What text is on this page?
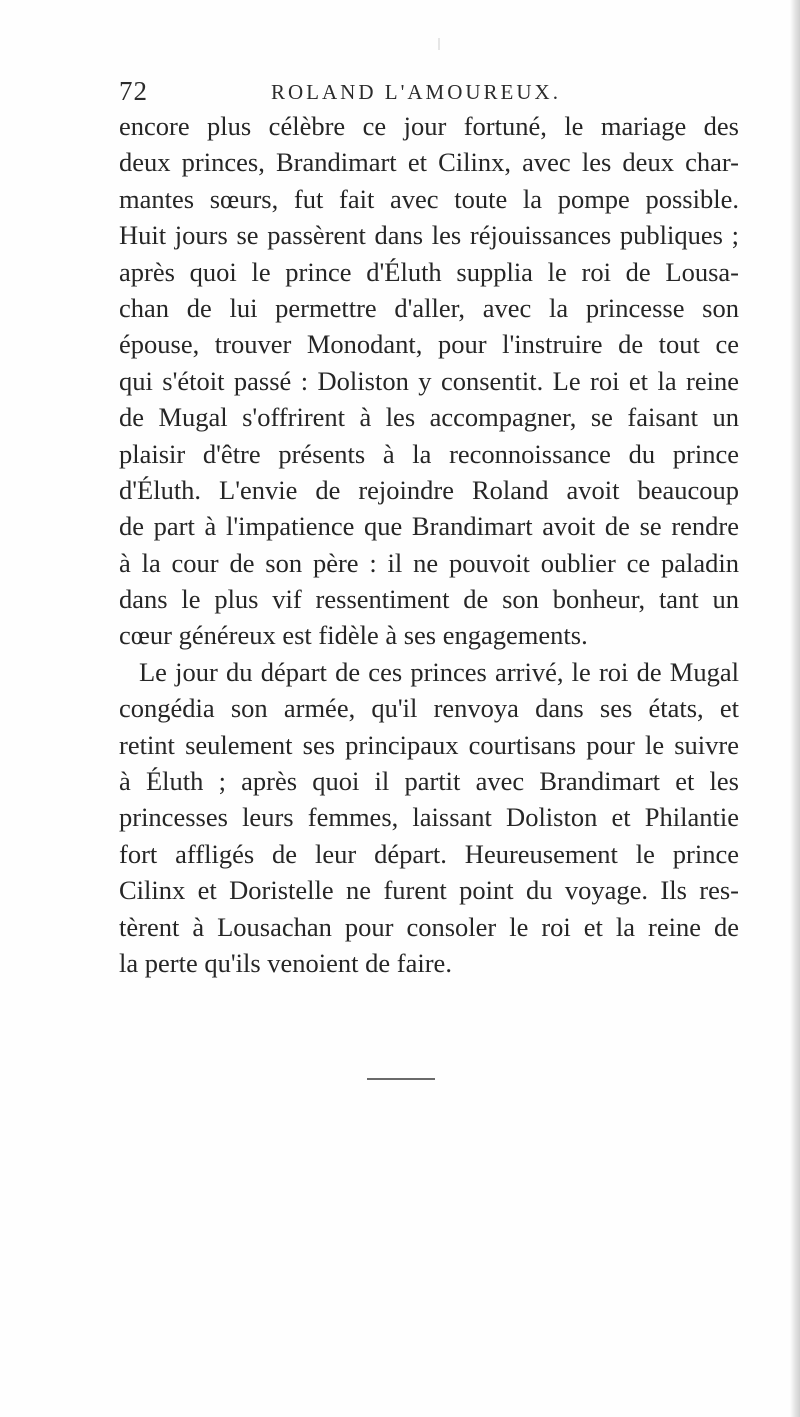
72	ROLAND L'AMOUREUX.
encore plus célèbre ce jour fortuné, le mariage des
deux princes, Brandimart et Cilinx, avec les deux char-
mantes sœurs, fut fait avec toute la pompe possible.
Huit jours se passèrent dans les réjouissances publiques ;
après quoi le prince d'Éluth supplia le roi de Lousa-
chan de lui permettre d'aller, avec la princesse son
épouse, trouver Monodant, pour l'instruire de tout ce
qui s'étoit passé : Doliston y consentit. Le roi et la reine
de Mugal s'offrirent à les accompagner, se faisant un
plaisir d'être présents à la reconnoissance du prince
d'Éluth. L'envie de rejoindre Roland avoit beaucoup
de part à l'impatience que Brandimart avoit de se rendre
à la cour de son père : il ne pouvoit oublier ce paladin
dans le plus vif ressentiment de son bonheur, tant un
cœur généreux est fidèle à ses engagements.
Le jour du départ de ces princes arrivé, le roi de Mugal
congédia son armée, qu'il renvoya dans ses états, et
retint seulement ses principaux courtisans pour le suivre
à Éluth ; après quoi il partit avec Brandimart et les
princesses leurs femmes, laissant Doliston et Philantie
fort affligés de leur départ. Heureusement le prince
Cilinx et Doristelle ne furent point du voyage. Ils res-
tèrent à Lousachan pour consoler le roi et la reine de
la perte qu'ils venoient de faire.
